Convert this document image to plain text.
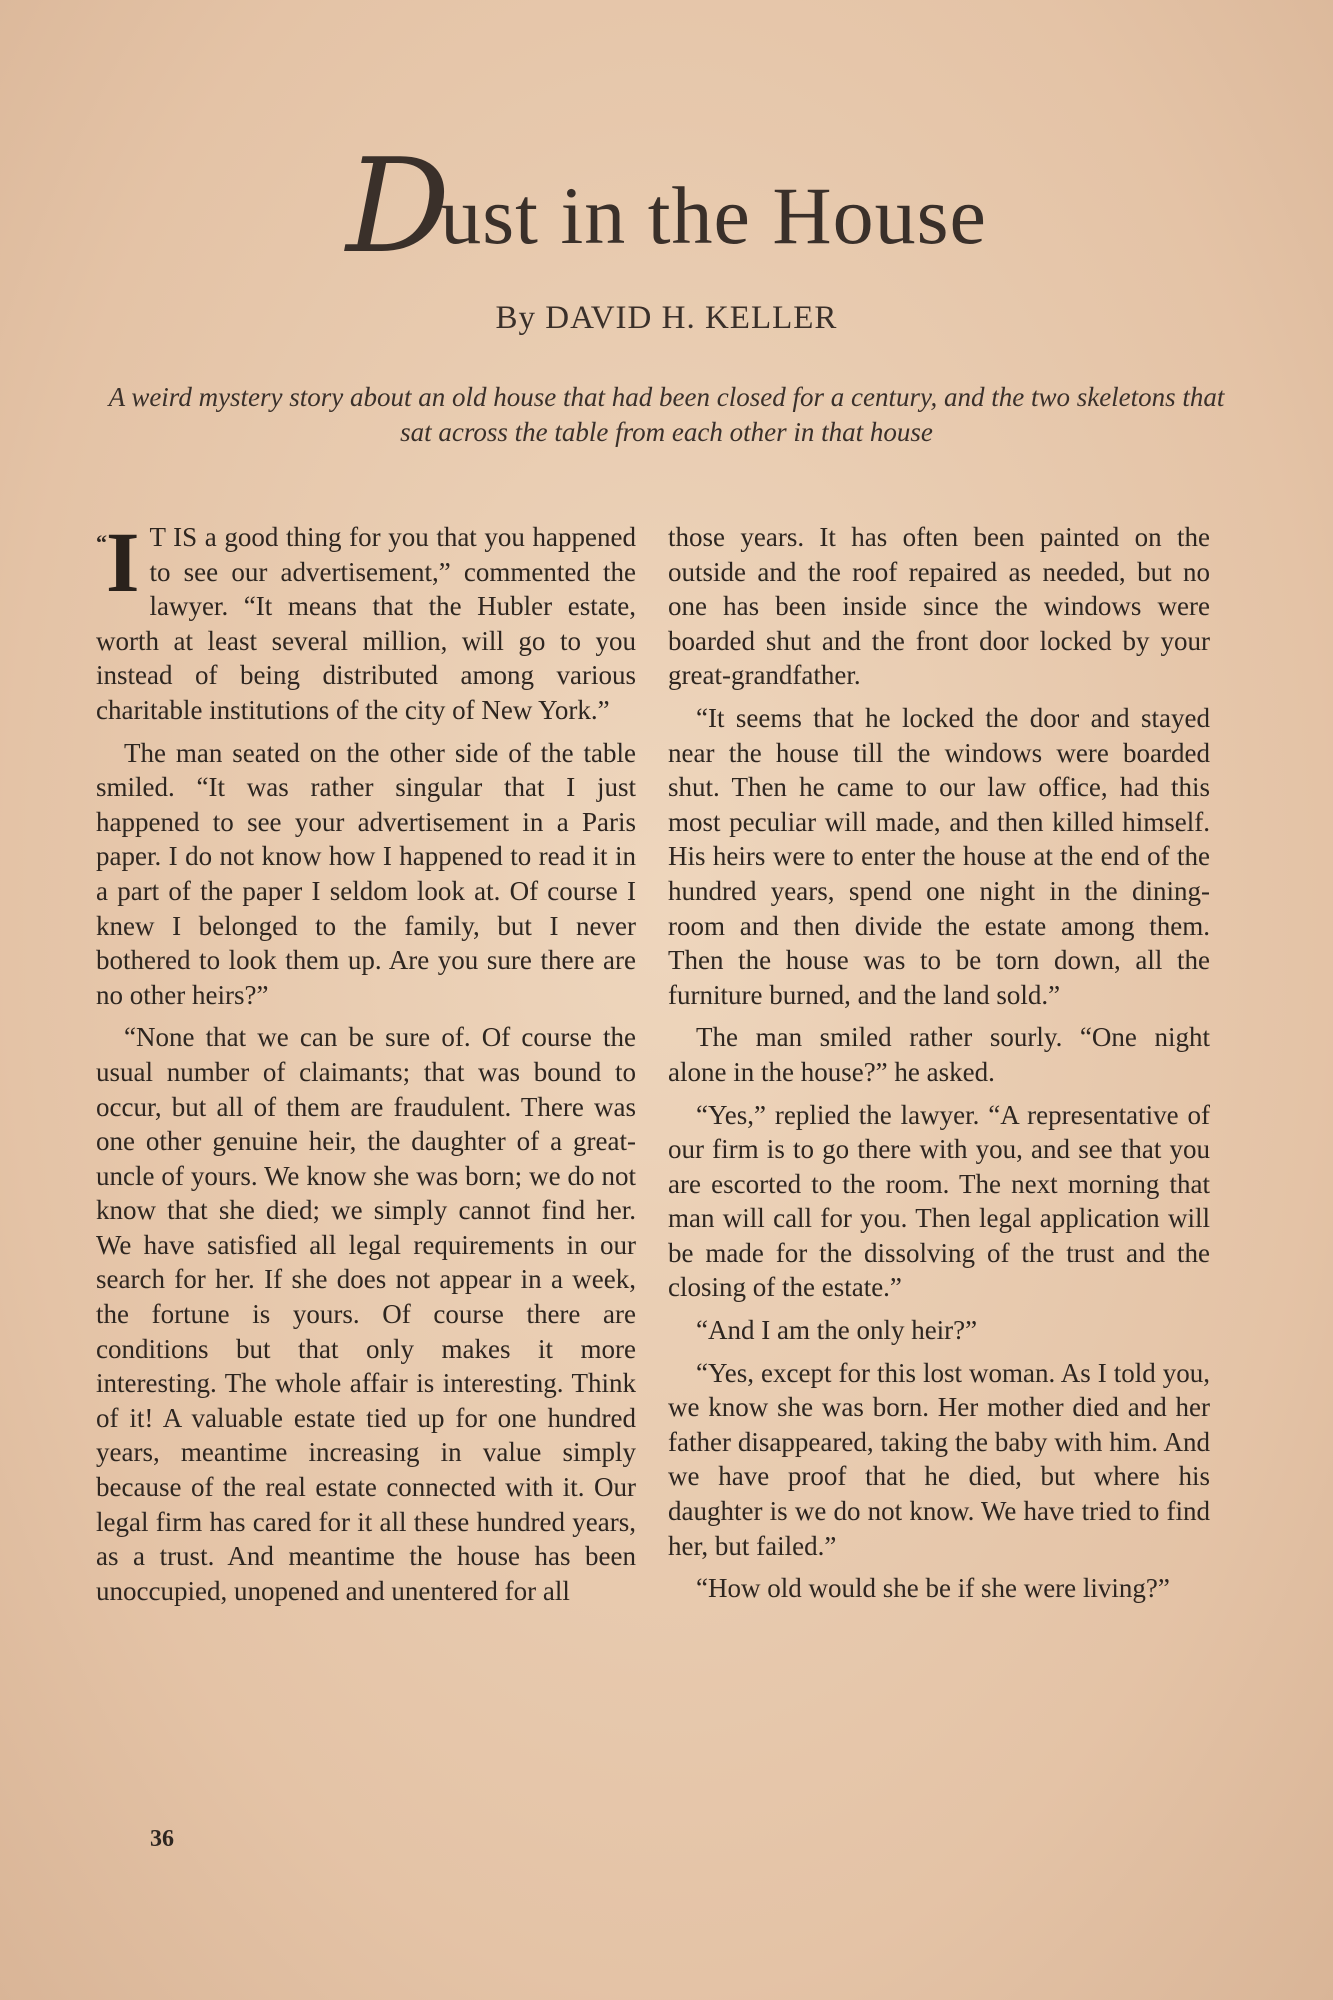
Dust in the House
By DAVID H. KELLER
A weird mystery story about an old house that had been closed for a century, and the two skeletons that sat across the table from each other in that house
“ I T IS a good thing for you that you happened to see our advertisement,” commented the lawyer. “It means that the Hubler estate, worth at least several million, will go to you instead of being distributed among various charitable institutions of the city of New York.”

The man seated on the other side of the table smiled. “It was rather singular that I just happened to see your advertisement in a Paris paper. I do not know how I happened to read it in a part of the paper I seldom look at. Of course I knew I belonged to the family, but I never bothered to look them up. Are you sure there are no other heirs?”

“None that we can be sure of. Of course the usual number of claimants; that was bound to occur, but all of them are fraudulent. There was one other genuine heir, the daughter of a great-uncle of yours. We know she was born; we do not know that she died; we simply cannot find her. We have satisfied all legal requirements in our search for her. If she does not appear in a week, the fortune is yours. Of course there are conditions but that only makes it more interesting. The whole affair is interesting. Think of it! A valuable estate tied up for one hundred years, meantime increasing in value simply because of the real estate connected with it. Our legal firm has cared for it all these hundred years, as a trust. And meantime the house has been unoccupied, unopened and unentered for all

those years. It has often been painted on the outside and the roof repaired as needed, but no one has been inside since the windows were boarded shut and the front door locked by your great-grandfather.

“It seems that he locked the door and stayed near the house till the windows were boarded shut. Then he came to our law office, had this most peculiar will made, and then killed himself. His heirs were to enter the house at the end of the hundred years, spend one night in the dining-room and then divide the estate among them. Then the house was to be torn down, all the furniture burned, and the land sold.”

The man smiled rather sourly. “One night alone in the house?” he asked.

“Yes,” replied the lawyer. “A representative of our firm is to go there with you, and see that you are escorted to the room. The next morning that man will call for you. Then legal application will be made for the dissolving of the trust and the closing of the estate.”

“And I am the only heir?”

“Yes, except for this lost woman. As I told you, we know she was born. Her mother died and her father disappeared, taking the baby with him. And we have proof that he died, but where his daughter is we do not know. We have tried to find her, but failed.”

“How old would she be if she were living?”

36
